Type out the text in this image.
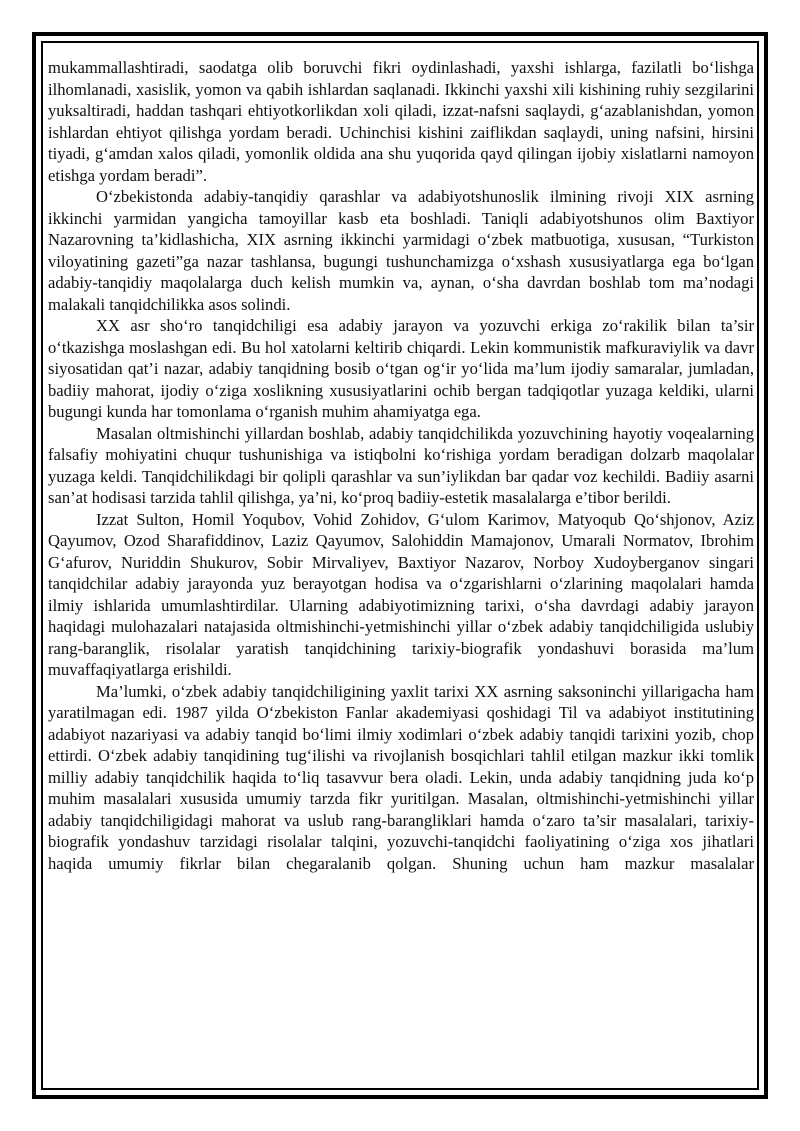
mukammallashtiradi, saodatga olib boruvchi fikri oydinlashadi, yaxshi ishlarga, fazilatli bo‘lishga ilhomlanadi, xasislik, yomon va qabih ishlardan saqlanadi. Ikkinchi yaxshi xili kishining ruhiy sezgilarini yuksaltiradi, haddan tashqari ehtiyotkorlikdan xoli qiladi, izzat-nafsni saqlaydi, g‘azablanishdan, yomon ishlardan ehtiyot qilishga yordam beradi. Uchinchisi kishini zaiflikdan saqlaydi, uning nafsini, hirsini tiyadi, g‘amdan xalos qiladi, yomonlik oldida ana shu yuqorida qayd qilingan ijobiy xislatlarni namoyon etishga yordam beradi”.

O‘zbekistonda adabiy-tanqidiy qarashlar va adabiyotshunoslik ilmining rivoji XIX asrning ikkinchi yarmidan yangicha tamoyillar kasb eta boshladi. Taniqli adabiyotshunos olim Baxtiyor Nazarovning ta’kidlashicha, XIX asrning ikkinchi yarmidagi o‘zbek matbuotiga, xususan, “Turkiston viloyatining gazeti”ga nazar tashlansa, bugungi tushunchamizga o‘xshash xususiyatlarga ega bo‘lgan adabiy-tanqidiy maqolalarga duch kelish mumkin va, aynan, o‘sha davrdan boshlab tom ma’nodagi malakali tanqidchilikka asos solindi.

XX asr sho‘ro tanqidchiligi esa adabiy jarayon va yozuvchi erkiga zo‘rakilik bilan ta’sir o‘tkazishga moslashgan edi. Bu hol xatolarni keltirib chiqardi. Lekin kommunistik mafkuraviylik va davr siyosatidan qat’i nazar, adabiy tanqidning bosib o‘tgan og‘ir yo‘lida ma’lum ijodiy samaralar, jumladan, badiiy mahorat, ijodiy o‘ziga xoslikning xususiyatlarini ochib bergan tadqiqotlar yuzaga keldiki, ularni bugungi kunda har tomonlama o‘rganish muhim ahamiyatga ega.

Masalan oltmishinchi yillardan boshlab, adabiy tanqidchilikda yozuvchining hayotiy voqealarning falsafiy mohiyatini chuqur tushunishiga va istiqbolni ko‘rishiga yordam beradigan dolzarb maqolalar yuzaga keldi. Tanqidchilikdagi bir qolipli qarashlar va sun’iylikdan bar qadar voz kechildi. Badiiy asarni san’at hodisasi tarzida tahlil qilishga, ya’ni, ko‘proq badiiy-estetik masalalarga e’tibor berildi.

Izzat Sulton, Homil Yoqubov, Vohid Zohidov, G‘ulom Karimov, Matyoqub Qo‘shjonov, Aziz Qayumov, Ozod Sharafiddinov, Laziz Qayumov, Salohiddin Mamajonov, Umarali Normatov, Ibrohim G‘afurov, Nuriddin Shukurov, Sobir Mirvaliyev, Baxtiyor Nazarov, Norboy Xudoyberganov singari tanqidchilar adabiy jarayonda yuz berayotgan hodisa va o‘zgarishlarni o‘zlarining maqolalari hamda ilmiy ishlarida umumlashtirdilar. Ularning adabiyotimizning tarixi, o‘sha davrdagi adabiy jarayon haqidagi mulohazalari natajasida oltmishinchi-yetmishinchi yillar o‘zbek adabiy tanqidchiligida uslubiy rang-baranglik, risolalar yaratish tanqidchining tarixiy-biografik yondashuvi borasida ma’lum muvaffaqiyatlarga erishildi.

Ma’lumki, o‘zbek adabiy tanqidchiligining yaxlit tarixi XX asrning saksoninchi yillarigacha ham yaratilmagan edi. 1987 yilda O‘zbekiston Fanlar akademiyasi qoshidagi Til va adabiyot institutining adabiyot nazariyasi va adabiy tanqid bo‘limi ilmiy xodimlari o‘zbek adabiy tanqidi tarixini yozib, chop ettirdi. O‘zbek adabiy tanqidining tug‘ilishi va rivojlanish bosqichlari tahlil etilgan mazkur ikki tomlik milliy adabiy tanqidchilik haqida to‘liq tasavvur bera oladi. Lekin, unda adabiy tanqidning juda ko‘p muhim masalalari xususida umumiy tarzda fikr yuritilgan. Masalan, oltmishinchi-yetmishinchi yillar adabiy tanqidchiligidagi mahorat va uslub rang-barangliklari hamda o‘zaro ta’sir masalalari, tarixiy-biografik yondashuv tarzidagi risolalar talqini, yozuvchi-tanqidchi faoliyatining o‘ziga xos jihatlari haqida umumiy fikrlar bilan chegaralanib qolgan. Shuning uchun ham mazkur masalalar
